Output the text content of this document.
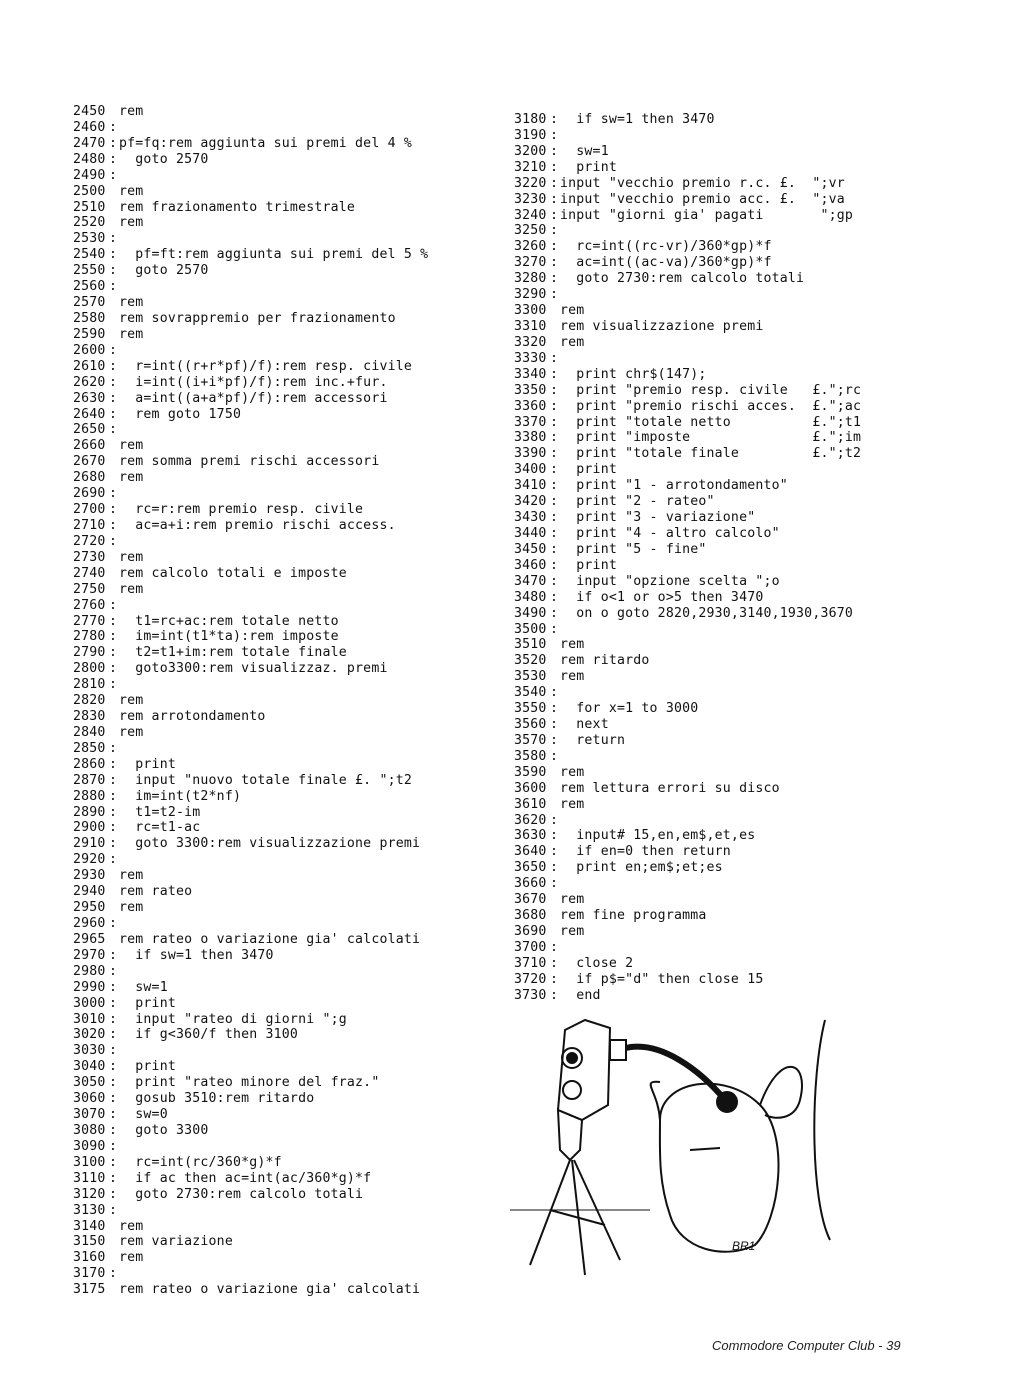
2450 rem
2460 :
2470 : pf=fq:rem aggiunta sui premi del 4 %
2480 :  goto 2570
2490 :
2500 rem
2510 rem frazionamento trimestrale
2520 rem
2530 :
2540 :  pf=ft:rem aggiunta sui premi del 5 %
2550 :  goto 2570
2560 :
2570 rem
2580 rem sovrappremio per frazionamento
2590 rem
2600 :
2610 :  r=int((r+r*pf)/f):rem resp. civile
2620 :  i=int((i+i*pf)/f):rem inc.+fur.
2630 :  a=int((a+a*pf)/f):rem accessori
2640 :  rem goto 1750
2650 :
2660 rem
2670 rem somma premi rischi accessori
2680 rem
2690 :
2700 :  rc=r:rem premio resp. civile
2710 :  ac=a+i:rem premio rischi access.
2720 :
2730 rem
2740 rem calcolo totali e imposte
2750 rem
2760 :
2770 :  t1=rc+ac:rem totale netto
2780 :  im=int(t1*ta):rem imposte
2790 :  t2=t1+im:rem totale finale
2800 :  goto3300:rem visualizzaz. premi
2810 :
2820 rem
2830 rem arrotondamento
2840 rem
2850 :
2860 :  print
2870 :  input "nuovo totale finale £. ";t2
2880 :  im=int(t2*nf)
2890 :  t1=t2-im
2900 :  rc=t1-ac
2910 :  goto 3300:rem visualizzazione premi
2920 :
2930 rem
2940 rem rateo
2950 rem
2960 :
2965 rem rateo o variazione gia' calcolati
2970 :  if sw=1 then 3470
2980 :
2990 :  sw=1
3000 :  print
3010 :  input "rateo di giorni ";g
3020 :  if g<360/f then 3100
3030 :
3040 :  print
3050 :  print "rateo minore del fraz."
3060 :  gosub 3510:rem ritardo
3070 :  sw=0
3080 :  goto 3300
3090 :
3100 :  rc=int(rc/360*g)*f
3110 :  if ac then ac=int(ac/360*g)*f
3120 :  goto 2730:rem calcolo totali
3130 :
3140 rem
3150 rem variazione
3160 rem
3170 :
3175 rem rateo o variazione gia' calcolati
3180 :  if sw=1 then 3470
3190 :
3200 :  sw=1
3210 :  print
3220 : input "vecchio premio r.c. £.  ";vr
3230 : input "vecchio premio acc. £.  ";va
3240 : input "giorni gia' pagati       ";gp
3250 :
3260 :  rc=int((rc-vr)/360*gp)*f
3270 :  ac=int((ac-va)/360*gp)*f
3280 :  goto 2730:rem calcolo totali
3290 :
3300 rem
3310 rem visualizzazione premi
3320 rem
3330 :
3340 :  print chr$(147);
3350 :  print "premio resp. civile   £.";rc
3360 :  print "premio rischi acces.  £.";ac
3370 :  print "totale netto          £.";t1
3380 :  print "imposte               £.";im
3390 :  print "totale finale         £.";t2
3400 :  print
3410 :  print "1 - arrotondamento"
3420 :  print "2 - rateo"
3430 :  print "3 - variazione"
3440 :  print "4 - altro calcolo"
3450 :  print "5 - fine"
3460 :  print
3470 :  input "opzione scelta ";o
3480 :  if o<1 or o>5 then 3470
3490 :  on o goto 2820,2930,3140,1930,3670
3500 :
3510 rem
3520 rem ritardo
3530 rem
3540 :
3550 :  for x=1 to 3000
3560 :  next
3570 :  return
3580 :
3590 rem
3600 rem lettura errori su disco
3610 rem
3620 :
3630 :  input# 15,en,em$,et,es
3640 :  if en=0 then return
3650 :  print en;em$;et;es
3660 :
3670 rem
3680 rem fine programma
3690 rem
3700 :
3710 :  close 2
3720 :  if p$="d" then close 15
3730 :  end
BR1
Commodore Computer Club - 39
